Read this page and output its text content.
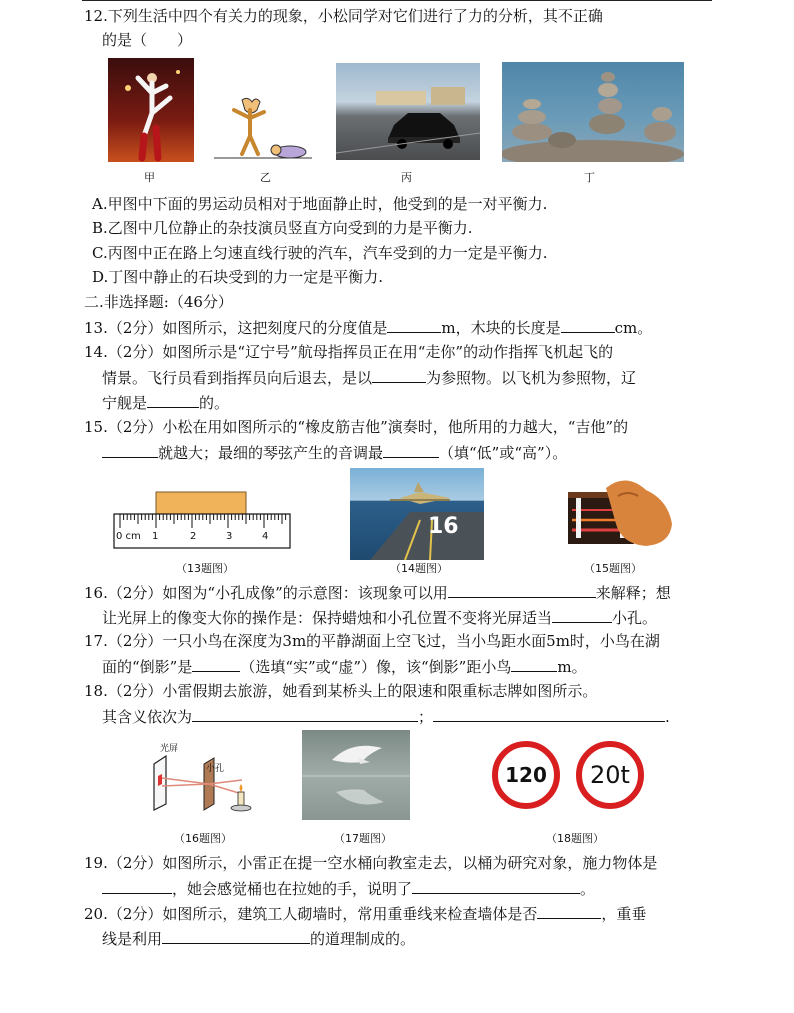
12.下列生活中四个有关力的现象，小松同学对它们进行了力的分析，其不正确
的是（　　）
甲	乙	丙	丁
A.甲图中下面的男运动员相对于地面静止时，他受到的是一对平衡力.
B.乙图中几位静止的杂技演员竖直方向受到的力是平衡力.
C.丙图中正在路上匀速直线行驶的汽车，汽车受到的力一定是平衡力.
D.丁图中静止的石块受到的力一定是平衡力.
二.非选择题:（46分）
13.（2分）如图所示，这把刻度尺的分度值是	m，木块的长度是	cm。
14.（2分）如图所示是“辽宁号”航母指挥员正在用“走你”的动作指挥飞机起飞的
情景。飞行员看到指挥员向后退去，是以	为参照物。以飞机为参照物，辽
宁舰是	的。
15.（2分）小松在用如图所示的“橡皮筋吉他”演奏时，他所用的力越大，“吉他”的
就越大；最细的琴弦产生的音调最	（填“低”或“高”）。
0 cm 1	2	3	4	16
（13题图）	（14题图）	（15题图）
16.（2分）如图为“小孔成像”的示意图：该现象可以用	来解释；想
让光屏上的像变大你的操作是：保持蜡烛和小孔位置不变将光屏适当	小孔。
17.（2分）一只小鸟在深度为3m的平静湖面上空飞过，当小鸟距水面5m时，小鸟在湖
面的“倒影”是	（选填“实”或“虚”）像，该“倒影”距小鸟	m。
18.（2分）小雷假期去旅游，她看到某桥头上的限速和限重标志牌如图所示。
其含义依次为	；	.
光屏
小孔	120	20t
（16题图）	（17题图）	（18题图）
19.（2分）如图所示，小雷正在提一空水桶向教室走去，以桶为研究对象，施力物体是
，她会感觉桶也在拉她的手，说明了	。
20.（2分）如图所示，建筑工人砌墙时，常用重垂线来检查墙体是否	，重垂
线是利用	的道理制成的。
